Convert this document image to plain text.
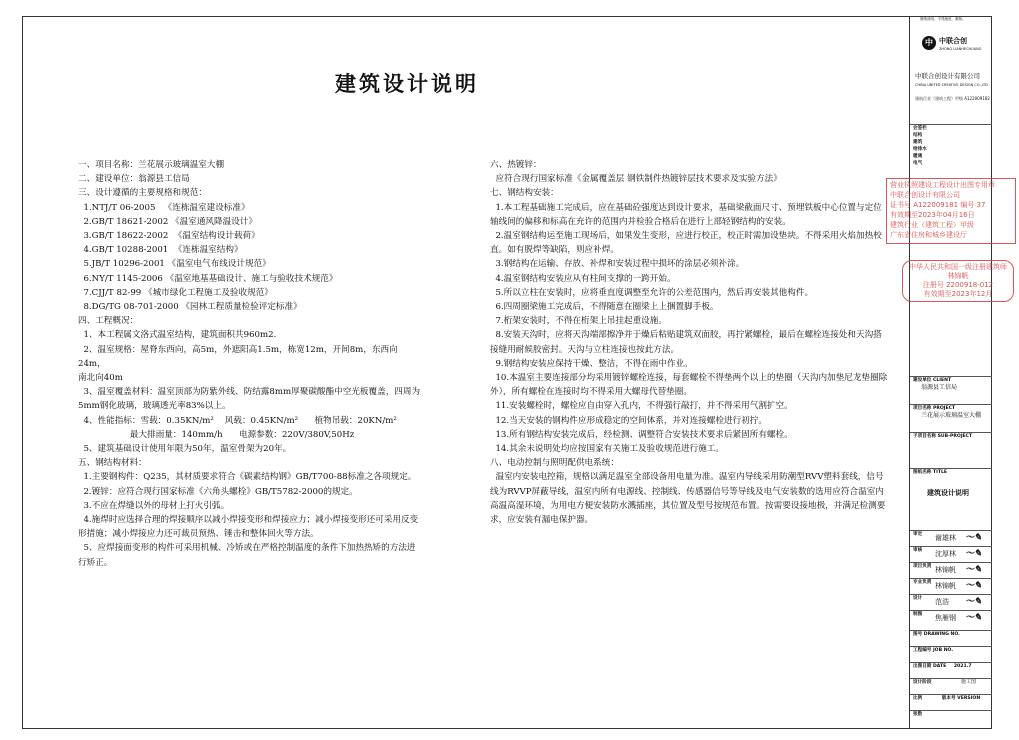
建筑设计说明

一、项目名称：兰花展示玻璃温室大棚

二、建设单位：翁源县工信局

三、设计遵循的主要规格和规范：

1.NTJ/T 06-2005   《连栋温室建设标准》

2.GB/T 18621-2002 《温室通风降温设计》

3.GB/T 18622-2002  《温室结构设计载荷》

4.GB/T 10288-2001  《连栋温室结构》

5.JB/T 10296-2001 《温室电气布线设计规范》

6.NY/T 1145-2006 《温室地基基础设计、施工与验收技术规范》

7.CJJ/T 82-99 《城市绿化工程施工及验收规范》

8.DG/TG 08-701-2000 《园林工程质量检验评定标准》

四、工程概况：

1、本工程属文洛式温室结构，建筑面积共960m2.

2、温室规格：屋脊东西向，高5m，外遮阳高1.5m，栋宽12m，开间8m，东西向24m，

南北向40m

3、温室覆盖材料：温室顶部为防紫外线、防结露8mm厚聚碳酸酯中空光板覆盖，四周为5mm钢化玻璃，玻璃透光率83%以上。

4、性能指标：雪载：0.35KN/m²    风载：0.45KN/m²      植物吊载：20KN/m²

最大排雨量：140mm/h      电源参数：220V/380V,50Hz

5、建筑基础设计使用年限为50年，温室骨架为20年。

五、钢结构材料：

1.主要钢构件：Q235，其材质要求符合《碳素结构钢》GB/T700-88标准之各项规定。

2.镀锌：应符合现行国家标准《六角头螺栓》GB/T5782-2000的规定。

3.不应在焊缝以外的母材上打火引弧。

4.施焊时应选择合理的焊接顺序以减小焊接变形和焊接应力；减小焊接变形还可采用反变形措施；减小焊接应力还可裁员预热、锤击和整体回火等方法。

5、应焊接面变形的构件可采用机械、冷矫或在严格控制温度的条件下加热热矫的方法进行矫正。

六、热镀锌：

应符合现行国家标准《金属覆盖层 钢铁制件热镀锌层技术要求及实验方法》

七、钢结构安装：

1.本工程基础施工完成后，应在基础砼强度达到设计要求，基础梁截面尺寸、预埋铁板中心位置与定位轴线间的偏移和标高在充许的范围内并检验合格后在进行上部轻钢结构的安装。

2.温室钢结构运至施工现场后，如果发生变形，应进行校正，校正时需加设垫块。不得采用火焰加热校直。如有脱焊等缺陷，则应补焊。

3.钢结构在运输、存放、补焊和安装过程中损坏的涂层必须补涂。

4.温室钢结构安装应从有柱间支撑的一跨开始。

5.所以立柱在安装时，应将垂直度调整至允许的公差范围内，然后再安装其他构件。

6.四周圈梁施工完成后，不得随意在圈梁上上捆置脚手板。

7.桁架安装时，不得在桁架上吊挂起重设施。

8.安装天沟时，应将天沟端部擦净并于燥后粘贴建筑双面胶，再拧紧螺栓，最后在螺栓连接处和天沟搭接缝用耐候胶密封。天沟与立柱连接也按此方法。

9.钢结构安装应保持干燥、整洁，不得在雨中作业。

10.本温室主要连接部分均采用镀锌螺栓连接，每套螺栓不得垫两个以上的垫圈（天沟内加垫尼龙垫圈除外），所有螺栓在连接时均不得采用大螺母代替垫圈。

11.安装螺栓时，螺栓应自由穿入孔内，不得强行敲打，并不得采用气割扩空。

12.当天安装的钢构件应形成稳定的空间体系，并对连接螺栓进行初拧。

13.所有钢结构安装完成后，经检测、调整符合安装技术要求后紧固所有螺栓。

14.其余未说明处均应按国家有关施工及验收规范进行施工。

八、电动控制与照明配供电系统：

温室内安装电控箱，规格以满足温室全部设备用电量为准。温室内导线采用防潮型RVV塑料套线，信号线为RVVP屏蔽导线，温室内所有电源线、控制线、传感器信号等导线及电气安装数的选用应符合温室内高温高湿环境，为用电方便安装防水溅插座，其位置及型号按规范布置。按需要设接地极，并满足检测要求，应安装有漏电保护器。

图纸说明，不得缩放，重制。
中 中联合创
ZHONG LIANHECHUANG
中联合创设计有限公司
CHINA UNITED CREATIVE DESIGN CO.,LTD
建筑行业（建筑工程）甲级 A122009182
会签栏
结构
建筑
给排水
暖通
电气
建设单位 CLIENT
翁源县工信局
项目名称 PROJECT
兰花展示玻璃温室大棚
子项目名称 SUB-PROJECT
图纸名称 TITLE
建筑设计说明
审定 谢雄林 ～✎
审核 沈厚林 ～✎
项目负责 林锦帆 ～✎
专业负责 林锦帆 ～✎
设计 范浩 ～✎
制图 焦雁钢 ～✎
图号 DRAWING NO.
工程编号 JOB NO.
出图日期 DATE 2021.7
设计阶段	施工图
比例	版本号 VERSION
张数
营业执照建设工程设计出图专用章
中联合创设计有限公司
证书号 A122009181 编号 37
有效期至2023年04月16日
建筑行业（建筑工程）甲级
广东省住房和城乡建设厅
中华人民共和国一级注册建筑师
林锦帆
注册号 2200918-012
有效期至2023年12月
